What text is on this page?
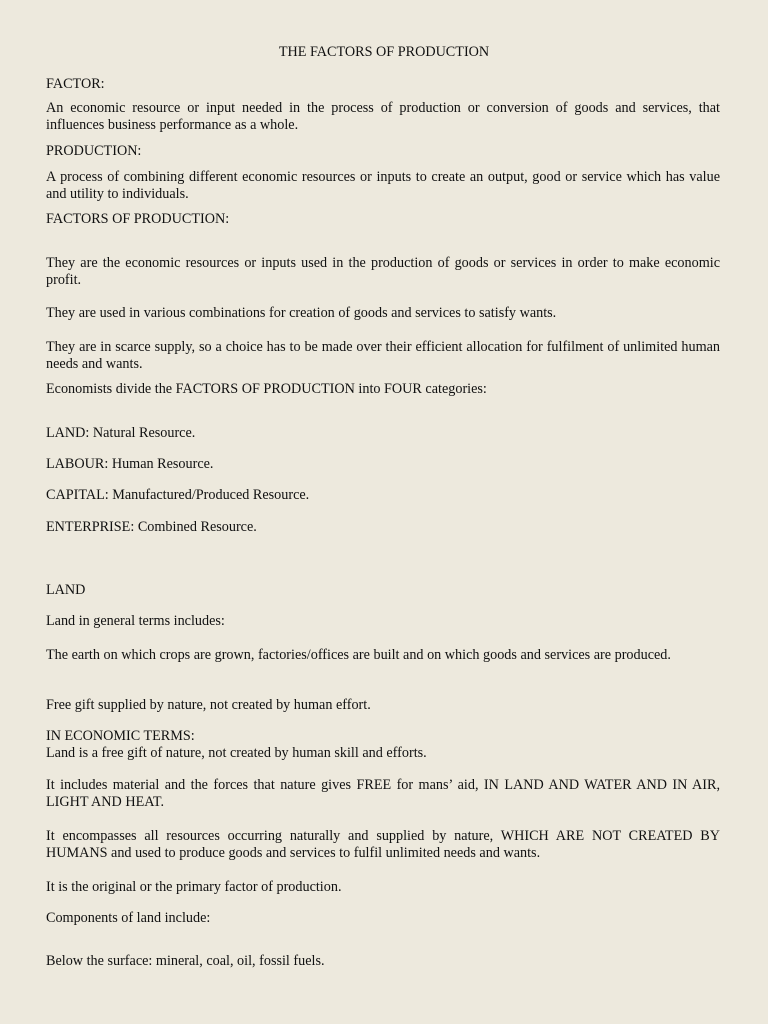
THE FACTORS OF PRODUCTION

FACTOR:

An economic resource or input needed in the process of production or conversion of goods and services, that influences business performance as a whole.

PRODUCTION:

A process of combining different economic resources or inputs to create an output, good or service which has value and utility to individuals.

FACTORS OF PRODUCTION:

They are the economic resources or inputs used in the production of goods or services in order to make economic profit.

They are used in various combinations for creation of goods and services to satisfy wants.

They are in scarce supply, so a choice has to be made over their efficient allocation for fulfilment of unlimited human needs and wants.

Economists divide the FACTORS OF PRODUCTION into FOUR categories:

LAND: Natural Resource.

LABOUR: Human Resource.

CAPITAL: Manufactured/Produced Resource.

ENTERPRISE: Combined Resource.

LAND

Land in general terms includes:

The earth on which crops are grown, factories/offices are built and on which goods and services are produced.

Free gift supplied by nature, not created by human effort.

IN ECONOMIC TERMS:

Land is a free gift of nature, not created by human skill and efforts.

It includes material and the forces that nature gives FREE for mans’ aid, IN LAND AND WATER AND IN AIR, LIGHT AND HEAT.

It encompasses all resources occurring naturally and supplied by nature, WHICH ARE NOT CREATED BY HUMANS and used to produce goods and services to fulfil unlimited needs and wants.

It is the original or the primary factor of production.

Components of land include:

Below the surface: mineral, coal, oil, fossil fuels.
